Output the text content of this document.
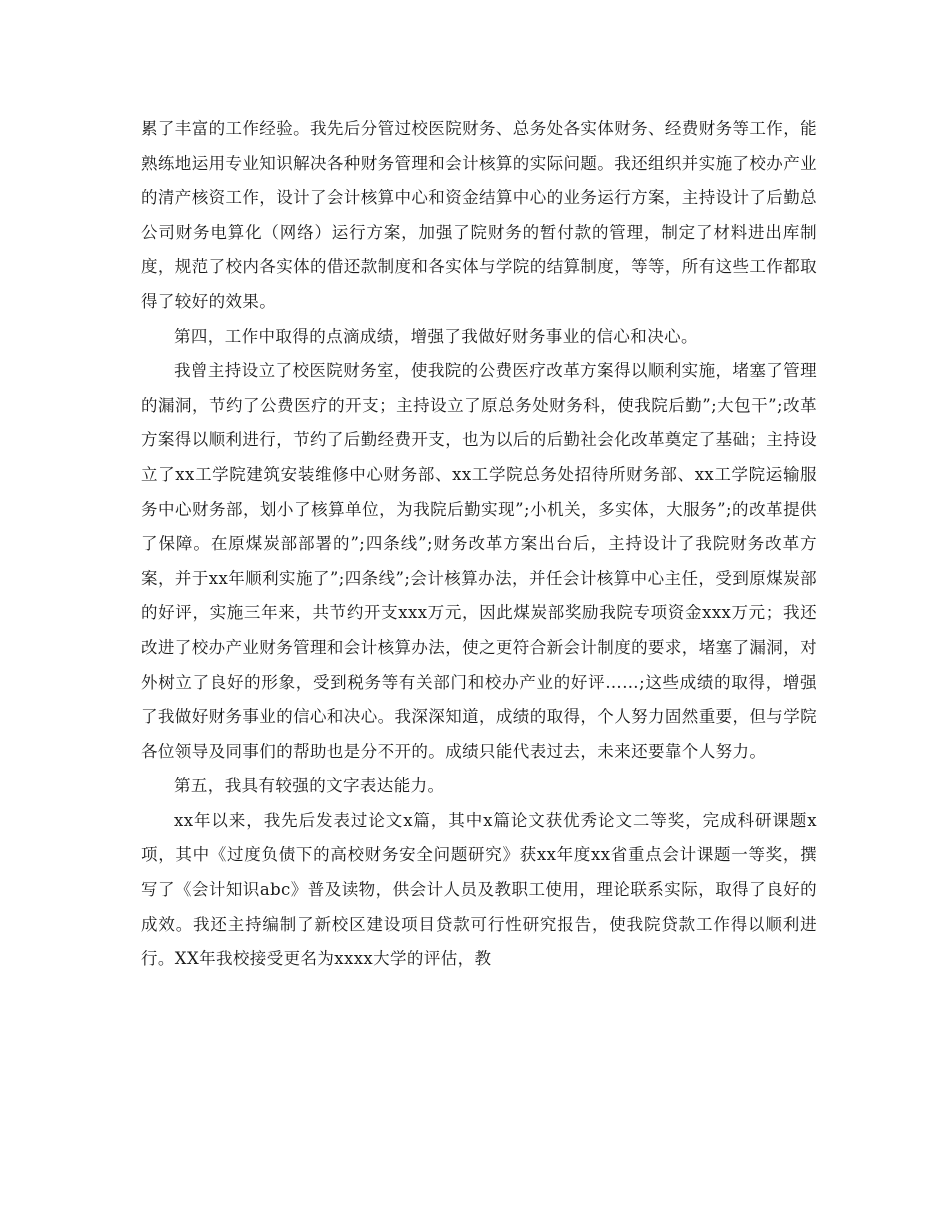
累了丰富的工作经验。我先后分管过校医院财务、总务处各实体财务、经费财务等工作，能熟练地运用专业知识解决各种财务管理和会计核算的实际问题。我还组织并实施了校办产业的清产核资工作，设计了会计核算中心和资金结算中心的业务运行方案，主持设计了后勤总公司财务电算化（网络）运行方案，加强了院财务的暂付款的管理，制定了材料进出库制度，规范了校内各实体的借还款制度和各实体与学院的结算制度，等等，所有这些工作都取得了较好的效果。

第四，工作中取得的点滴成绩，增强了我做好财务事业的信心和决心。

我曾主持设立了校医院财务室，使我院的公费医疗改革方案得以顺利实施，堵塞了管理的漏洞，节约了公费医疗的开支；主持设立了原总务处财务科，使我院后勤”;大包干”;改革方案得以顺利进行，节约了后勤经费开支，也为以后的后勤社会化改革奠定了基础；主持设立了xx工学院建筑安装维修中心财务部、xx工学院总务处招待所财务部、xx工学院运输服务中心财务部，划小了核算单位，为我院后勤实现”;小机关，多实体，大服务”;的改革提供了保障。在原煤炭部部署的”;四条线”;财务改革方案出台后，主持设计了我院财务改革方案，并于xx年顺利实施了”;四条线”;会计核算办法，并任会计核算中心主任，受到原煤炭部的好评，实施三年来，共节约开支xxx万元，因此煤炭部奖励我院专项资金xxx万元；我还改进了校办产业财务管理和会计核算办法，使之更符合新会计制度的要求，堵塞了漏洞，对外树立了良好的形象，受到税务等有关部门和校办产业的好评……;这些成绩的取得，增强了我做好财务事业的信心和决心。我深深知道，成绩的取得，个人努力固然重要，但与学院各位领导及同事们的帮助也是分不开的。成绩只能代表过去，未来还要靠个人努力。

第五，我具有较强的文字表达能力。

xx年以来，我先后发表过论文x篇，其中x篇论文获优秀论文二等奖，完成科研课题x项，其中《过度负债下的高校财务安全问题研究》获xx年度xx省重点会计课题一等奖，撰写了《会计知识abc》普及读物，供会计人员及教职工使用，理论联系实际，取得了良好的成效。我还主持编制了新校区建设项目贷款可行性研究报告，使我院贷款工作得以顺利进行。XX年我校接受更名为xxxx大学的评估，教
